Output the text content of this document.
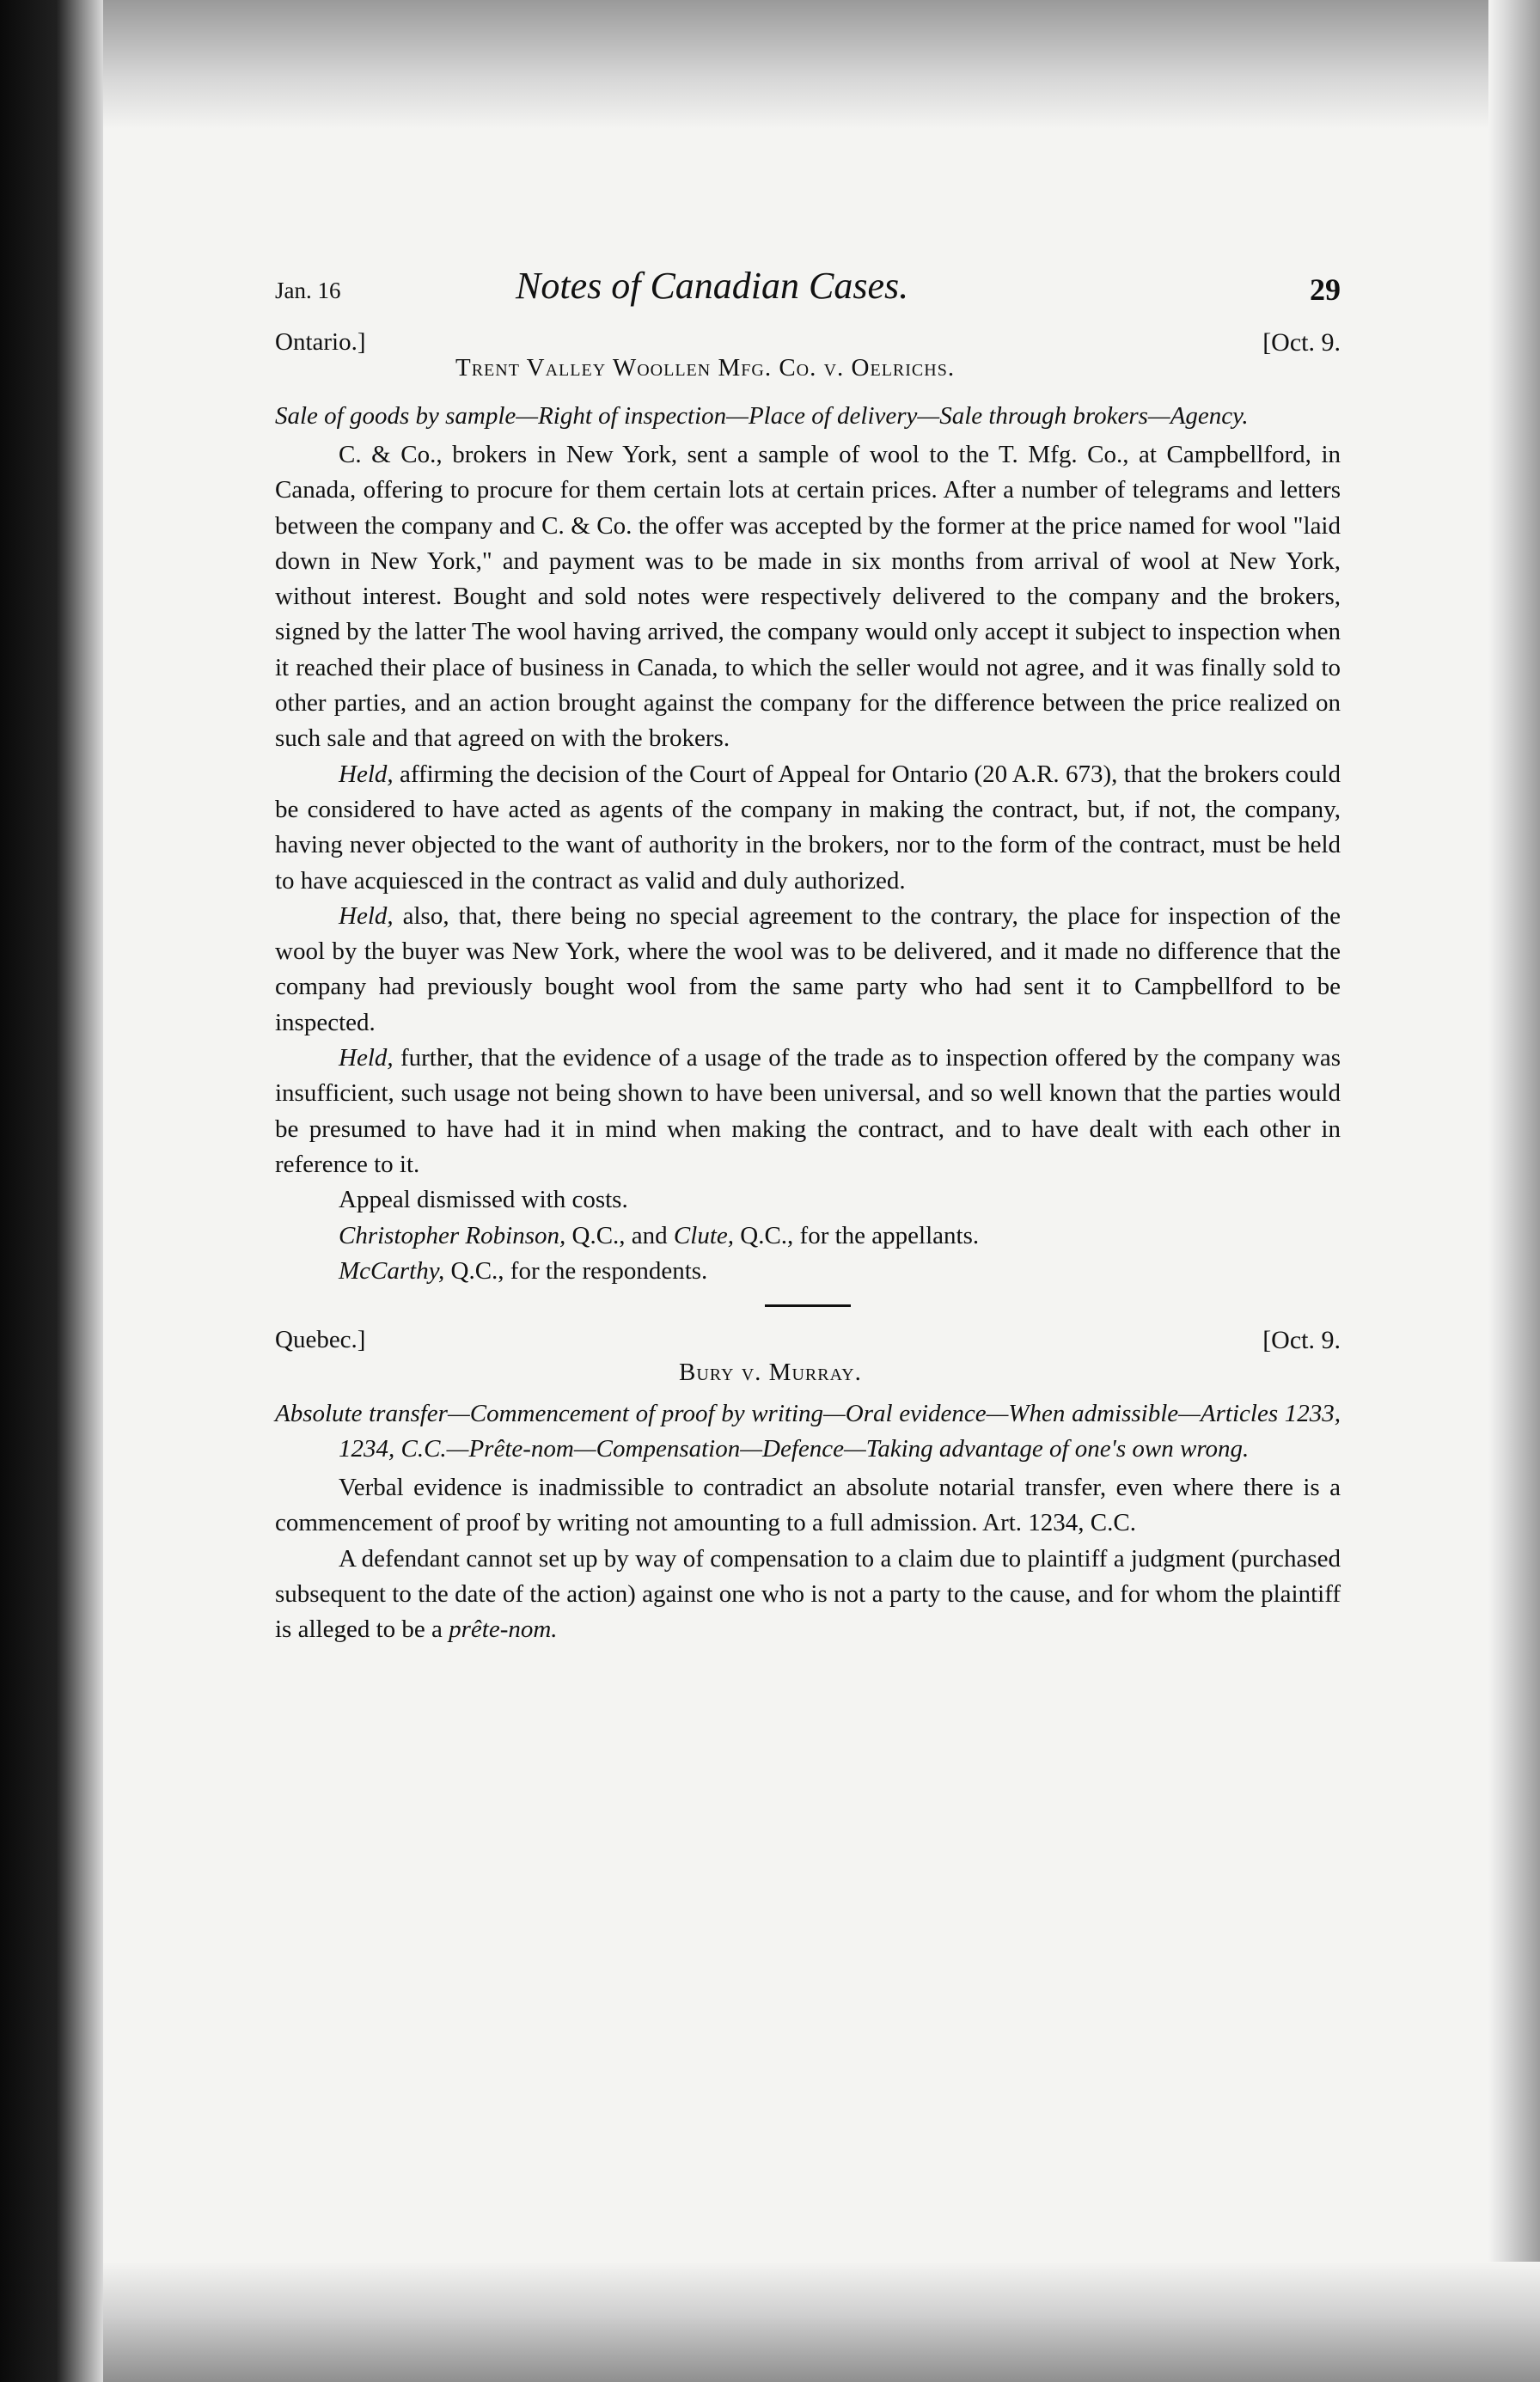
Jan. 16	Notes of Canadian Cases.	29
Ontario.]	[Oct. 9.
Trent Valley Woollen Mfg. Co. v. Oelrichs.
Sale of goods by sample—Right of inspection—Place of delivery—Sale through brokers—Agency.

C. & Co., brokers in New York, sent a sample of wool to the T. Mfg. Co., at Campbellford, in Canada, offering to procure for them certain lots at certain prices. After a number of telegrams and letters between the company and C. & Co. the offer was accepted by the former at the price named for wool "laid down in New York," and payment was to be made in six months from arrival of wool at New York, without interest. Bought and sold notes were respectively delivered to the company and the brokers, signed by the latter The wool having arrived, the company would only accept it subject to inspection when it reached their place of business in Canada, to which the seller would not agree, and it was finally sold to other parties, and an action brought against the company for the difference between the price realized on such sale and that agreed on with the brokers.

Held, affirming the decision of the Court of Appeal for Ontario (20 A.R. 673), that the brokers could be considered to have acted as agents of the company in making the contract, but, if not, the company, having never objected to the want of authority in the brokers, nor to the form of the contract, must be held to have acquiesced in the contract as valid and duly authorized.

Held, also, that, there being no special agreement to the contrary, the place for inspection of the wool by the buyer was New York, where the wool was to be delivered, and it made no difference that the company had previously bought wool from the same party who had sent it to Campbellford to be inspected.

Held, further, that the evidence of a usage of the trade as to inspection offered by the company was insufficient, such usage not being shown to have been universal, and so well known that the parties would be presumed to have had it in mind when making the contract, and to have dealt with each other in reference to it.

Appeal dismissed with costs.

Christopher Robinson, Q.C., and Clute, Q.C., for the appellants.

McCarthy, Q.C., for the respondents.

Quebec.]	[Oct. 9.
Bury v. Murray.
Absolute transfer—Commencement of proof by writing—Oral evidence—When admissible—Articles 1233, 1234, C.C.—Prête-nom—Compensation—Defence—Taking advantage of one's own wrong.

Verbal evidence is inadmissible to contradict an absolute notarial transfer, even where there is a commencement of proof by writing not amounting to a full admission. Art. 1234, C.C.

A defendant cannot set up by way of compensation to a claim due to plaintiff a judgment (purchased subsequent to the date of the action) against one who is not a party to the cause, and for whom the plaintiff is alleged to be a prête-nom.
